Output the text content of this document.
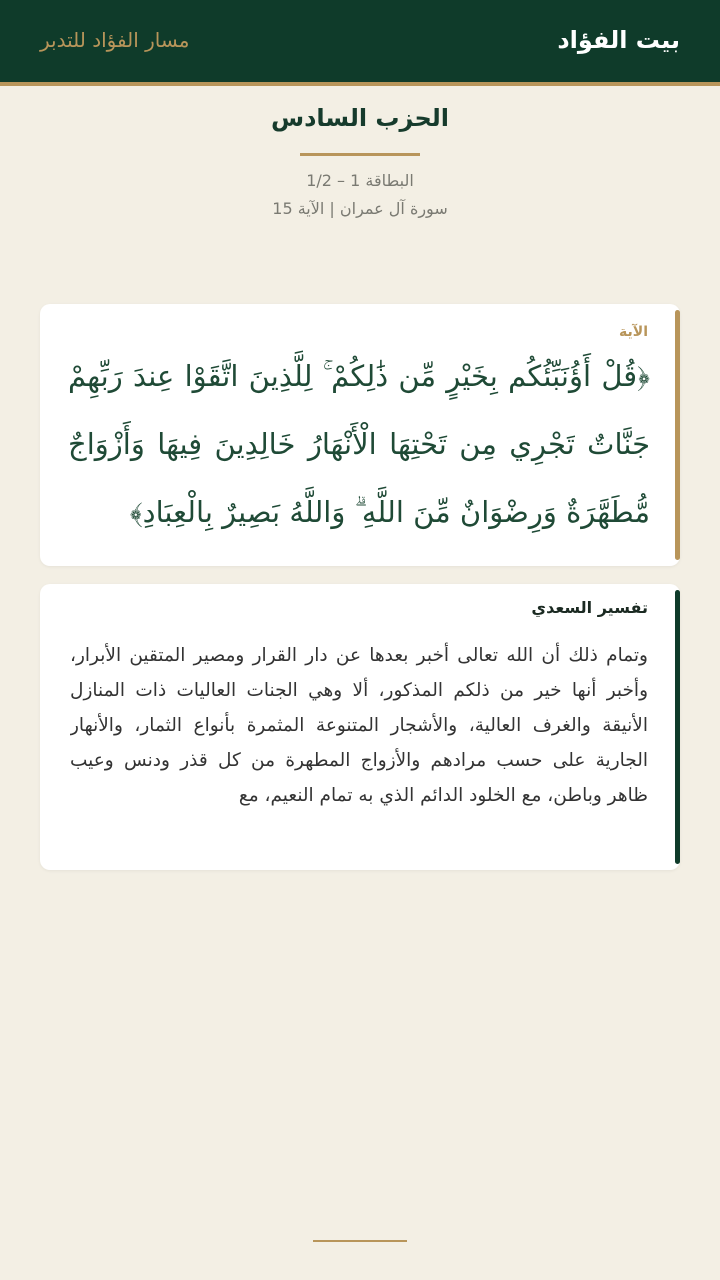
بيت الفؤاد
مسار الفؤاد للتدبر
الحزب السادس
البطاقة 1 – 1/2
سورة آل عمران | الآية 15
الآية
﴿قُلْ أَؤُنَبِّئُكُم بِخَيْرٍ مِّن ذَٰلِكُمْ ۚ لِلَّذِينَ اتَّقَوْا عِندَ رَبِّهِمْ جَنَّاتٌ تَجْرِي مِن تَحْتِهَا الْأَنْهَارُ خَالِدِينَ فِيهَا وَأَزْوَاجٌ مُّطَهَّرَةٌ وَرِضْوَانٌ مِّنَ اللَّهِ ۗ وَاللَّهُ بَصِيرٌ بِالْعِبَادِ﴾
تفسير السعدي
وتمام ذلك أن الله تعالى أخبر بعدها عن دار القرار ومصير المتقين الأبرار، وأخبر أنها خير من ذلكم المذكور، ألا وهي الجنات العاليات ذات المنازل الأنيقة والغرف العالية، والأشجار المتنوعة المثمرة بأنواع الثمار، والأنهار الجارية على حسب مرادهم والأزواج المطهرة من كل قذر ودنس وعيب ظاهر وباطن، مع الخلود الدائم الذي به تمام النعيم، مع
